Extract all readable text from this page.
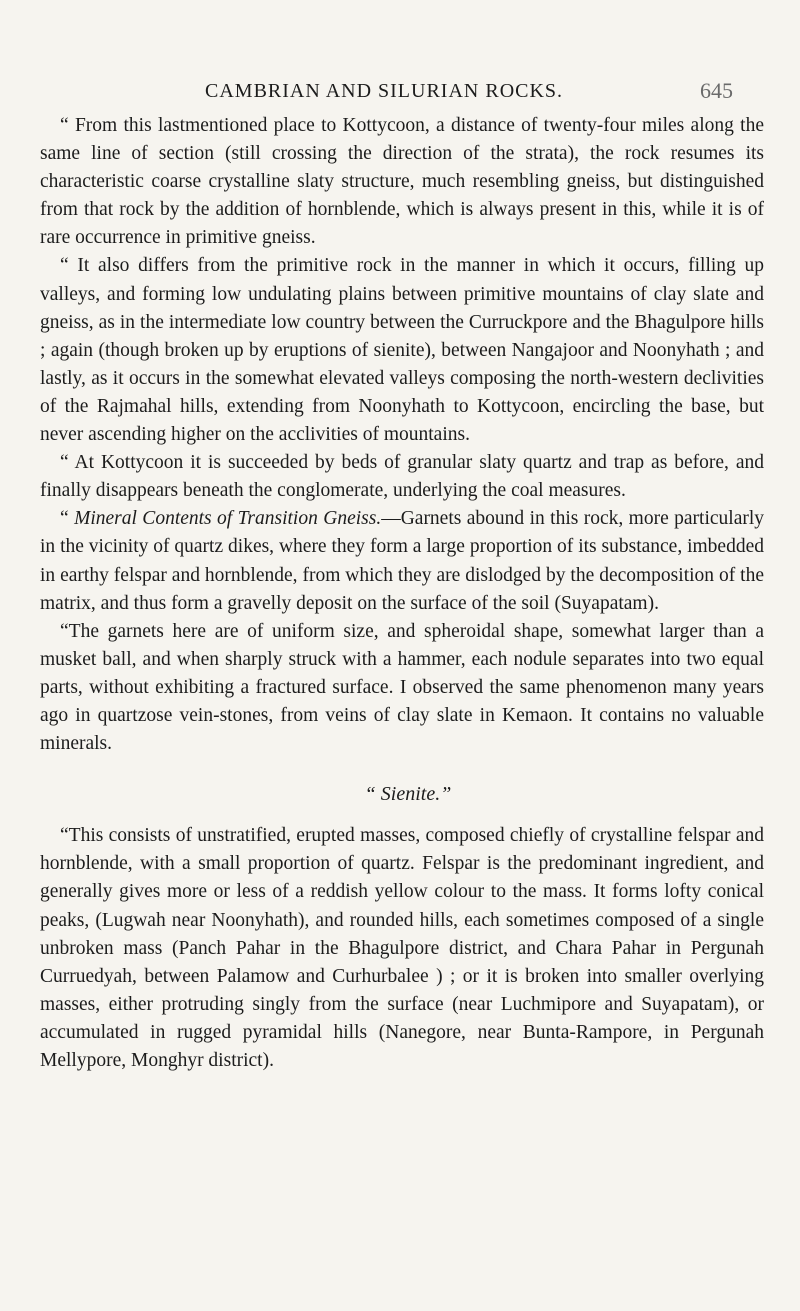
CAMBRIAN AND SILURIAN ROCKS.	645

“ From this lastmentioned place to Kottycoon, a distance of twenty-four miles along the same line of section (still crossing the direction of the strata), the rock resumes its characteristic coarse crystalline slaty structure, much resembling gneiss, but distinguished from that rock by the addition of hornblende, which is always present in this, while it is of rare occurrence in primitive gneiss.

“ It also differs from the primitive rock in the manner in which it occurs, filling up valleys, and forming low undulating plains between primitive mountains of clay slate and gneiss, as in the intermediate low country between the Curruckpore and the Bhagulpore hills ; again (though broken up by eruptions of sienite), between Nangajoor and Noonyhath ; and lastly, as it occurs in the somewhat elevated valleys composing the north-western declivities of the Rajmahal hills, extending from Noonyhath to Kottycoon, encircling the base, but never ascending higher on the acclivities of mountains.

“ At Kottycoon it is succeeded by beds of granular slaty quartz and trap as before, and finally disappears beneath the conglomerate, underlying the coal measures.

“ Mineral Contents of Transition Gneiss.—Garnets abound in this rock, more particularly in the vicinity of quartz dikes, where they form a large proportion of its substance, imbedded in earthy felspar and hornblende, from which they are dislodged by the decomposition of the matrix, and thus form a gravelly deposit on the surface of the soil (Suyapatam).

“The garnets here are of uniform size, and spheroidal shape, somewhat larger than a musket ball, and when sharply struck with a hammer, each nodule separates into two equal parts, without exhibiting a fractured surface. I observed the same phenomenon many years ago in quartzose vein-stones, from veins of clay slate in Kemaon. It contains no valuable minerals.

“ Sienite.”

“This consists of unstratified, erupted masses, composed chiefly of crystalline felspar and hornblende, with a small proportion of quartz. Felspar is the predominant ingredient, and generally gives more or less of a reddish yellow colour to the mass. It forms lofty conical peaks, (Lugwah near Noonyhath), and rounded hills, each sometimes composed of a single unbroken mass (Panch Pahar in the Bhagulpore district, and Chara Pahar in Pergunah Curruedyah, between Palamow and Curhurbalee ) ; or it is broken into smaller overlying masses, either protruding singly from the surface (near Luchmipore and Suyapatam), or accumulated in rugged pyramidal hills (Nanegore, near Bunta-Rampore, in Pergunah Mellypore, Monghyr district).
